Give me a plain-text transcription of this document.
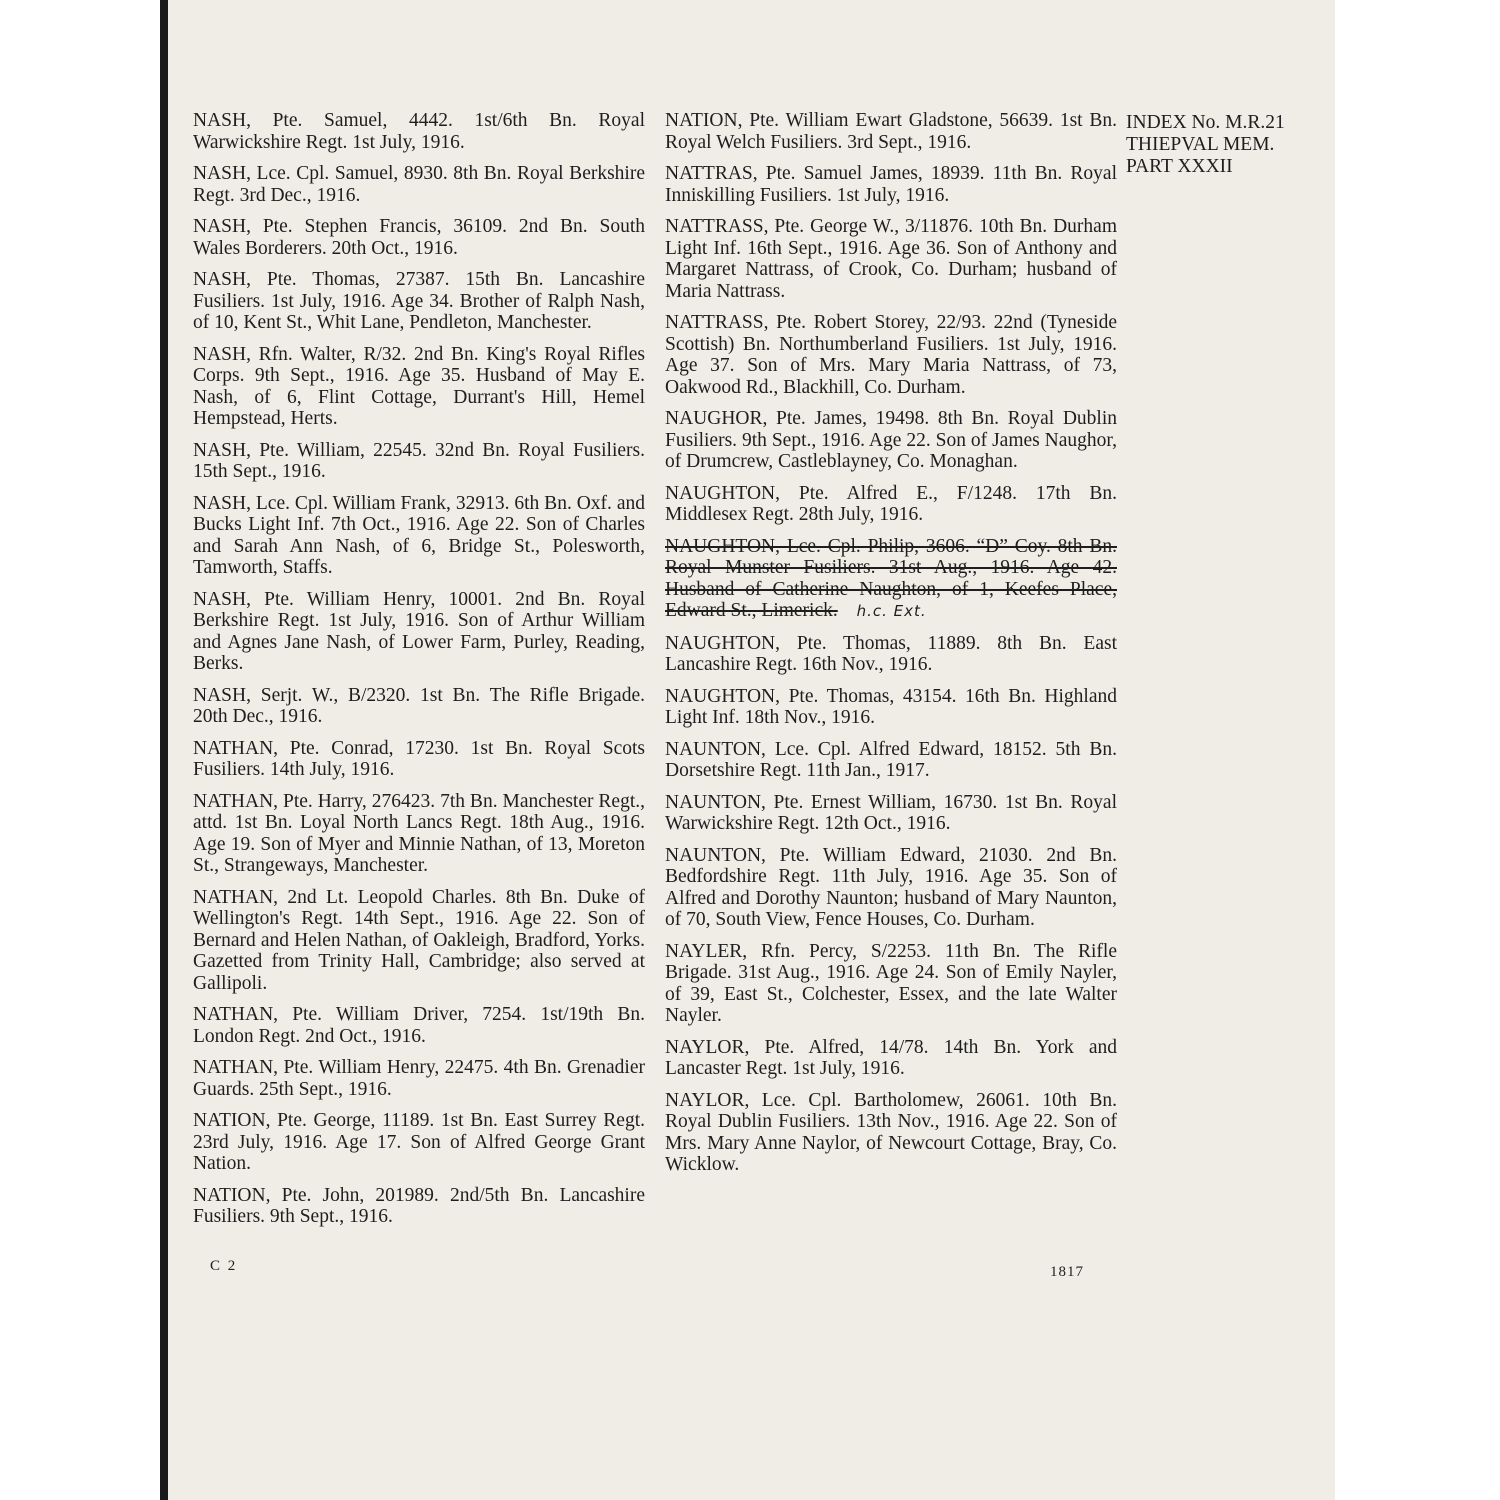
NASH, Pte. Samuel, 4442. 1st/6th Bn. Royal Warwickshire Regt. 1st July, 1916.

NASH, Lce. Cpl. Samuel, 8930. 8th Bn. Royal Berkshire Regt. 3rd Dec., 1916.

NASH, Pte. Stephen Francis, 36109. 2nd Bn. South Wales Borderers. 20th Oct., 1916.

NASH, Pte. Thomas, 27387. 15th Bn. Lancashire Fusiliers. 1st July, 1916. Age 34. Brother of Ralph Nash, of 10, Kent St., Whit Lane, Pendleton, Manchester.

NASH, Rfn. Walter, R/32. 2nd Bn. King's Royal Rifles Corps. 9th Sept., 1916. Age 35. Husband of May E. Nash, of 6, Flint Cottage, Durrant's Hill, Hemel Hempstead, Herts.

NASH, Pte. William, 22545. 32nd Bn. Royal Fusiliers. 15th Sept., 1916.

NASH, Lce. Cpl. William Frank, 32913. 6th Bn. Oxf. and Bucks Light Inf. 7th Oct., 1916. Age 22. Son of Charles and Sarah Ann Nash, of 6, Bridge St., Polesworth, Tamworth, Staffs.

NASH, Pte. William Henry, 10001. 2nd Bn. Royal Berkshire Regt. 1st July, 1916. Son of Arthur William and Agnes Jane Nash, of Lower Farm, Purley, Reading, Berks.

NASH, Serjt. W., B/2320. 1st Bn. The Rifle Brigade. 20th Dec., 1916.

NATHAN, Pte. Conrad, 17230. 1st Bn. Royal Scots Fusiliers. 14th July, 1916.

NATHAN, Pte. Harry, 276423. 7th Bn. Manchester Regt., attd. 1st Bn. Loyal North Lancs Regt. 18th Aug., 1916. Age 19. Son of Myer and Minnie Nathan, of 13, Moreton St., Strangeways, Manchester.

NATHAN, 2nd Lt. Leopold Charles. 8th Bn. Duke of Wellington's Regt. 14th Sept., 1916. Age 22. Son of Bernard and Helen Nathan, of Oakleigh, Bradford, Yorks. Gazetted from Trinity Hall, Cambridge; also served at Gallipoli.

NATHAN, Pte. William Driver, 7254. 1st/19th Bn. London Regt. 2nd Oct., 1916.

NATHAN, Pte. William Henry, 22475. 4th Bn. Grenadier Guards. 25th Sept., 1916.

NATION, Pte. George, 11189. 1st Bn. East Surrey Regt. 23rd July, 1916. Age 17. Son of Alfred George Grant Nation.

NATION, Pte. John, 201989. 2nd/5th Bn. Lancashire Fusiliers. 9th Sept., 1916.

NATION, Pte. William Ewart Gladstone, 56639. 1st Bn. Royal Welch Fusiliers. 3rd Sept., 1916.

NATTRAS, Pte. Samuel James, 18939. 11th Bn. Royal Inniskilling Fusiliers. 1st July, 1916.

NATTRASS, Pte. George W., 3/11876. 10th Bn. Durham Light Inf. 16th Sept., 1916. Age 36. Son of Anthony and Margaret Nattrass, of Crook, Co. Durham; husband of Maria Nattrass.

NATTRASS, Pte. Robert Storey, 22/93. 22nd (Tyneside Scottish) Bn. Northumberland Fusiliers. 1st July, 1916. Age 37. Son of Mrs. Mary Maria Nattrass, of 73, Oakwood Rd., Blackhill, Co. Durham.

NAUGHOR, Pte. James, 19498. 8th Bn. Royal Dublin Fusiliers. 9th Sept., 1916. Age 22. Son of James Naughor, of Drumcrew, Castleblayney, Co. Monaghan.

NAUGHTON, Pte. Alfred E., F/1248. 17th Bn. Middlesex Regt. 28th July, 1916.

NAUGHTON, Lce. Cpl. Philip, 3606. “D” Coy. 8th Bn. Royal Munster Fusiliers. 31st Aug., 1916. Age 42. Husband of Catherine Naughton, of 1, Keefes Place, Edward St., Limerick. h.c. Ext.

NAUGHTON, Pte. Thomas, 11889. 8th Bn. East Lancashire Regt. 16th Nov., 1916.

NAUGHTON, Pte. Thomas, 43154. 16th Bn. Highland Light Inf. 18th Nov., 1916.

NAUNTON, Lce. Cpl. Alfred Edward, 18152. 5th Bn. Dorsetshire Regt. 11th Jan., 1917.

NAUNTON, Pte. Ernest William, 16730. 1st Bn. Royal Warwickshire Regt. 12th Oct., 1916.

NAUNTON, Pte. William Edward, 21030. 2nd Bn. Bedfordshire Regt. 11th July, 1916. Age 35. Son of Alfred and Dorothy Naunton; husband of Mary Naunton, of 70, South View, Fence Houses, Co. Durham.

NAYLER, Rfn. Percy, S/2253. 11th Bn. The Rifle Brigade. 31st Aug., 1916. Age 24. Son of Emily Nayler, of 39, East St., Colchester, Essex, and the late Walter Nayler.

NAYLOR, Pte. Alfred, 14/78. 14th Bn. York and Lancaster Regt. 1st July, 1916.

NAYLOR, Lce. Cpl. Bartholomew, 26061. 10th Bn. Royal Dublin Fusiliers. 13th Nov., 1916. Age 22. Son of Mrs. Mary Anne Naylor, of Newcourt Cottage, Bray, Co. Wicklow.

INDEX No. M.R.21
THIEPVAL MEM.
PART XXXII
C 2	1817
